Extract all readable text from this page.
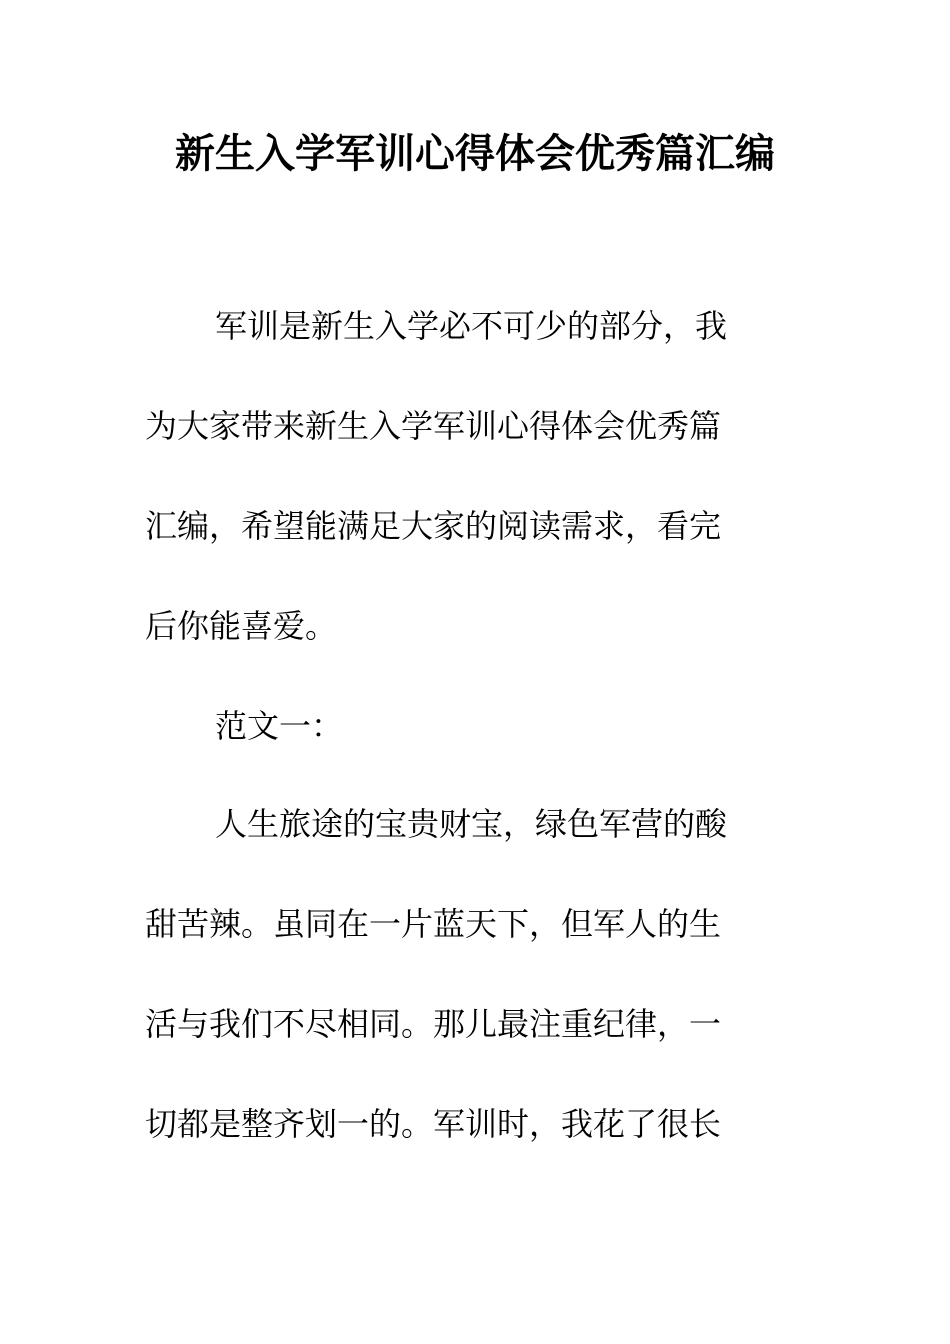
新生入学军训心得体会优秀篇汇编
军训是新生入学必不可少的部分，我
为大家带来新生入学军训心得体会优秀篇
汇编，希望能满足大家的阅读需求，看完
后你能喜爱。
范文一：
人生旅途的宝贵财宝，绿色军营的酸
甜苦辣。虽同在一片蓝天下，但军人的生
活与我们不尽相同。那儿最注重纪律，一
切都是整齐划一的。军训时，我花了很长
